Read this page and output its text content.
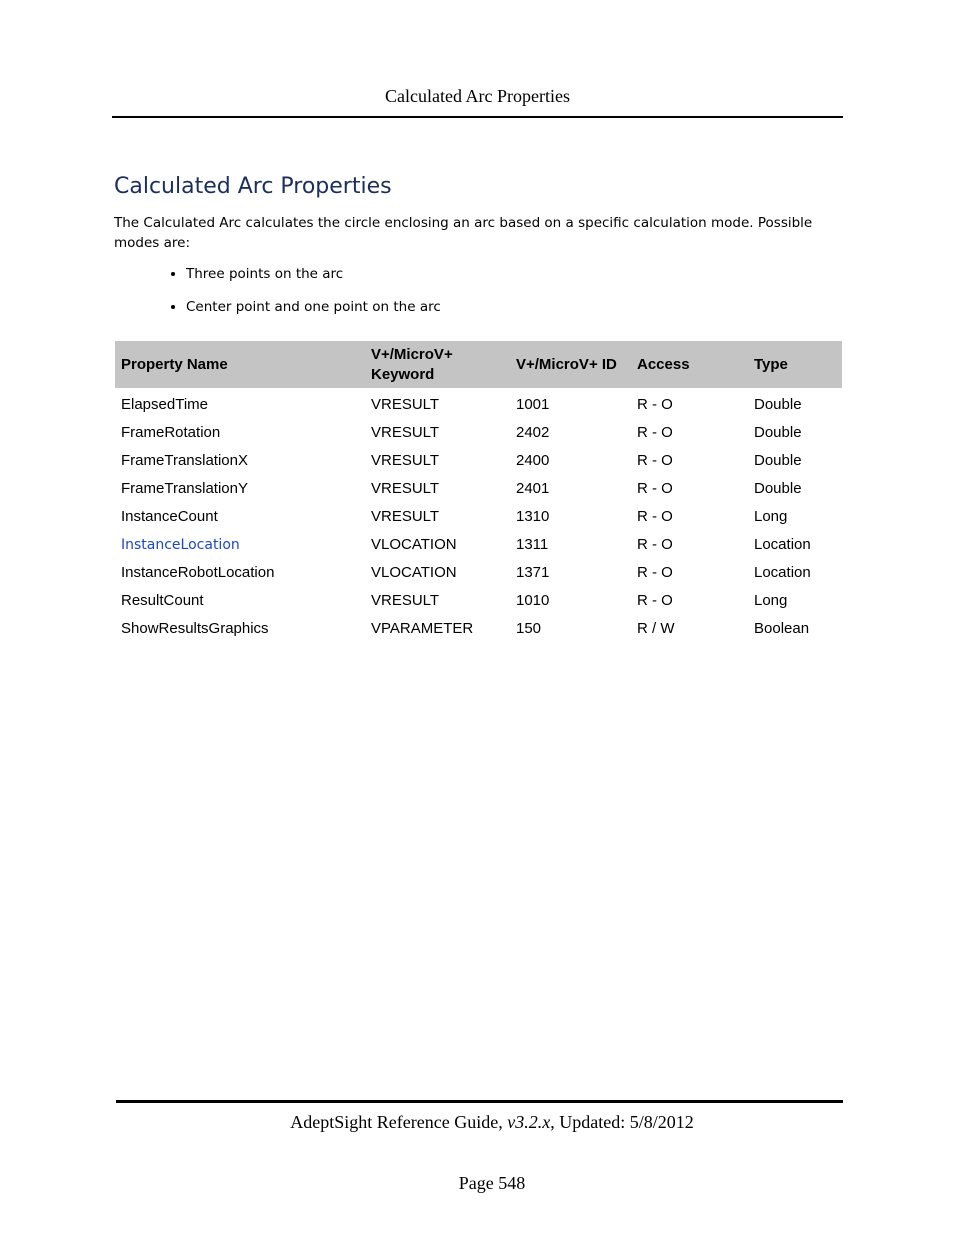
Calculated Arc Properties
Calculated Arc Properties

The Calculated Arc calculates the circle enclosing an arc based on a specific calculation mode. Possible modes are:

• Three points on the arc
• Center point and one point on the arc
Property Name	V+/MicroV+ Keyword	V+/MicroV+ ID	Access	Type
ElapsedTime	VRESULT	1001	R - O	Double
FrameRotation	VRESULT	2402	R - O	Double
FrameTranslationX	VRESULT	2400	R - O	Double
FrameTranslationY	VRESULT	2401	R - O	Double
InstanceCount	VRESULT	1310	R - O	Long
InstanceLocation	VLOCATION	1311	R - O	Location
InstanceRobotLocation	VLOCATION	1371	R - O	Location
ResultCount	VRESULT	1010	R - O	Long
ShowResultsGraphics	VPARAMETER	150	R / W	Boolean
AdeptSight Reference Guide, v3.2.x, Updated: 5/8/2012
Page 548
